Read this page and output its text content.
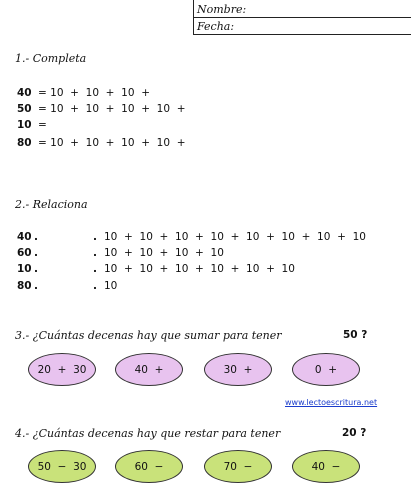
Nombre:
Fecha:
1.- Completa
40 = 10  +  10  +  10  +
50 = 10  +  10  +  10  +  10  +
10 =
80 = 10  +  10  +  10  +  10  +
2.- Relaciona
40 .	. 10  +  10  +  10  +  10  +  10  +  10  +  10  +  10
60 .	. 10  +  10  +  10  +  10
10 .	. 10  +  10  +  10  +  10  +  10  +  10
80 .	. 10
3.- ¿Cuántas decenas hay que sumar para tener	50 ?
20  +  30	40  +	30  +	0  +
www.lectoescritura.net
4.- ¿Cuántas decenas hay que restar para tener	20 ?
50  −  30	60  −	70  −	40  −
